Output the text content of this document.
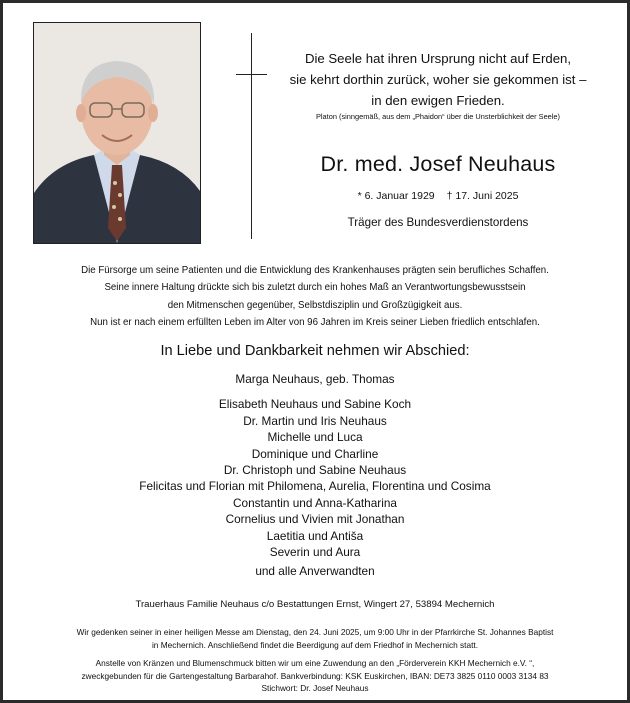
Die Seele hat ihren Ursprung nicht auf Erden,
sie kehrt dorthin zurück, woher sie gekommen ist –
in den ewigen Frieden.
Platon (sinngemäß, aus dem „Phaidon“ über die Unsterblichkeit der Seele)
Dr. med. Josef Neuhaus
* 6. Januar 1929 † 17. Juni 2025
Träger des Bundesverdienstordens
Die Fürsorge um seine Patienten und die Entwicklung des Krankenhauses prägten sein berufliches Schaffen.
Seine innere Haltung drückte sich bis zuletzt durch ein hohes Maß an Verantwortungsbewusstsein
den Mitmenschen gegenüber, Selbstdisziplin und Großzügigkeit aus.
Nun ist er nach einem erfüllten Leben im Alter von 96 Jahren im Kreis seiner Lieben friedlich entschlafen.
In Liebe und Dankbarkeit nehmen wir Abschied:
Marga Neuhaus, geb. Thomas
Elisabeth Neuhaus und Sabine Koch
Dr. Martin und Iris Neuhaus
Michelle und Luca
Dominique und Charline
Dr. Christoph und Sabine Neuhaus
Felicitas und Florian mit Philomena, Aurelia, Florentina und Cosima
Constantin und Anna-Katharina
Cornelius und Vivien mit Jonathan
Laetitia und Antiša
Severin und Aura
und alle Anverwandten
Trauerhaus Familie Neuhaus c/o Bestattungen Ernst, Wingert 27, 53894 Mechernich
Wir gedenken seiner in einer heiligen Messe am Dienstag, den 24. Juni 2025, um 9:00 Uhr in der Pfarrkirche St. Johannes Baptist
in Mechernich. Anschließend findet die Beerdigung auf dem Friedhof in Mechernich statt.
Anstelle von Kränzen und Blumenschmuck bitten wir um eine Zuwendung an den „Förderverein KKH Mechernich e.V. “,
zweckgebunden für die Gartengestaltung Barbarahof. Bankverbindung: KSK Euskirchen, IBAN: DE73 3825 0110 0003 3134 83
Stichwort: Dr. Josef Neuhaus
